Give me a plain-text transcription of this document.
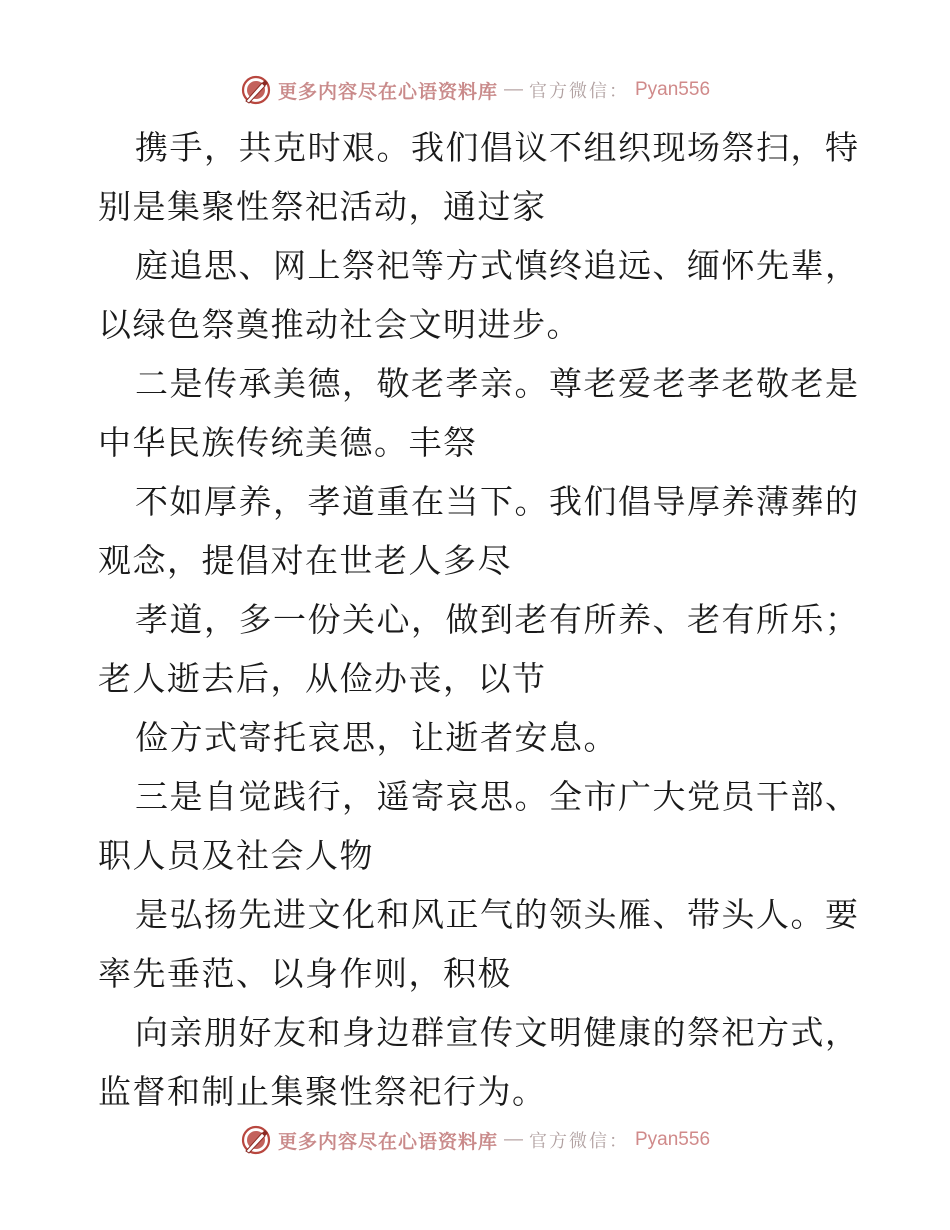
更多内容尽在心语资料库 — 官方微信： Pyan556
携手，共克时艰。我们倡议不组织现场祭扫，特
别是集聚性祭祀活动，通过家
庭追思、网上祭祀等方式慎终追远、缅怀先辈，
以绿色祭奠推动社会文明进步。
二是传承美德，敬老孝亲。尊老爱老孝老敬老是
中华民族传统美德。丰祭
不如厚养，孝道重在当下。我们倡导厚养薄葬的
观念，提倡对在世老人多尽
孝道，多一份关心，做到老有所养、老有所乐；
老人逝去后，从俭办丧，以节
俭方式寄托哀思，让逝者安息。
三是自觉践行，遥寄哀思。全市广大党员干部、
职人员及社会人物
是弘扬先进文化和风正气的领头雁、带头人。要
率先垂范、以身作则，积极
向亲朋好友和身边群宣传文明健康的祭祀方式，
监督和制止集聚性祭祀行为。
更多内容尽在心语资料库 — 官方微信： Pyan556
